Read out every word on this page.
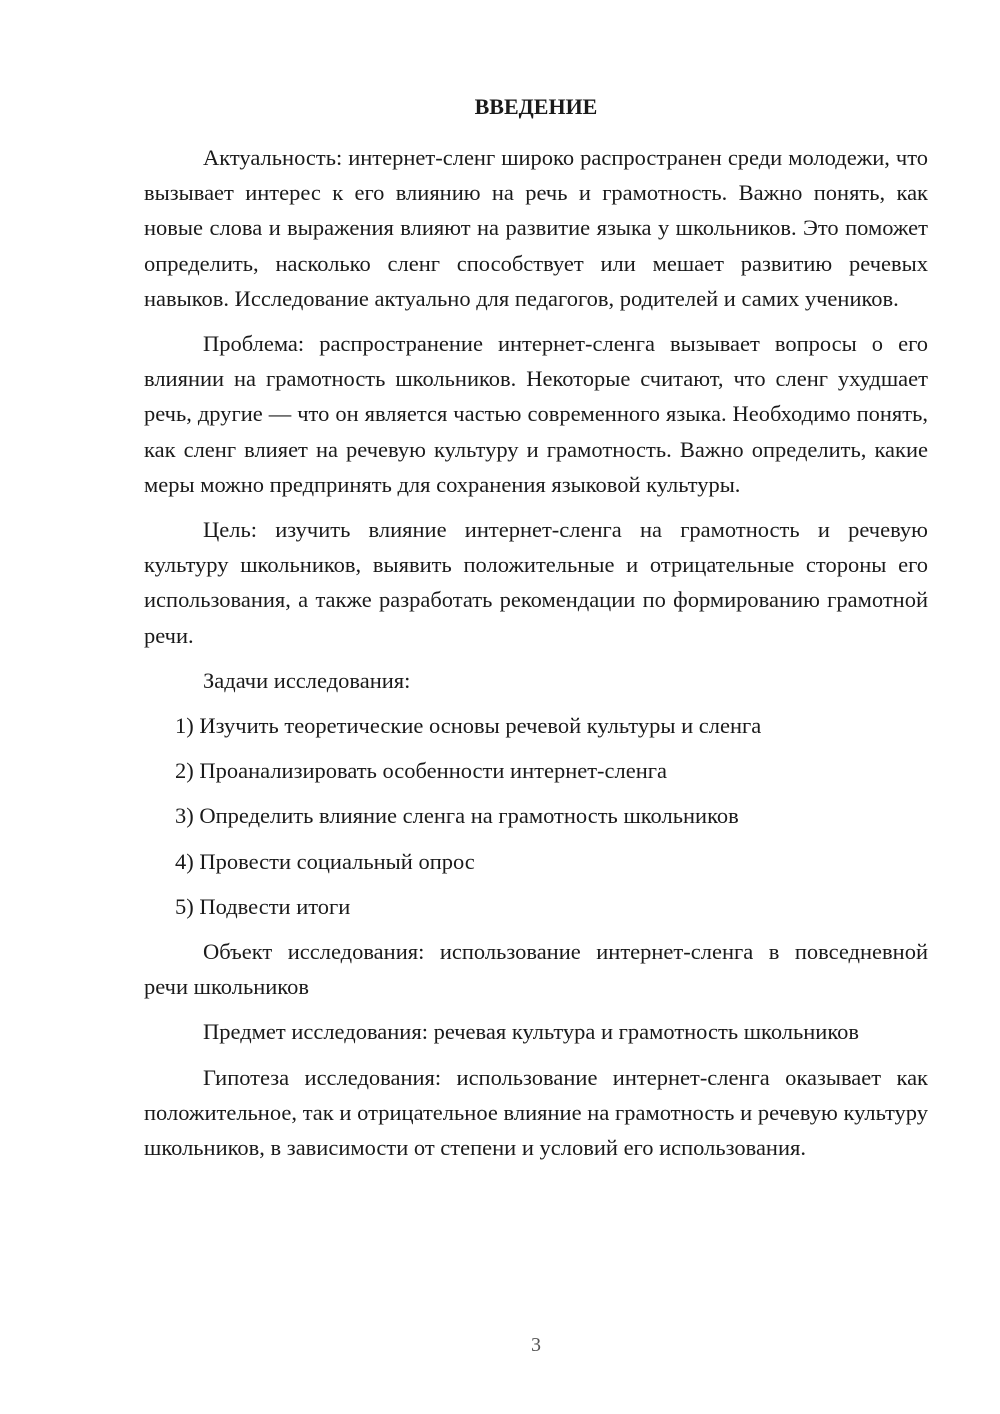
ВВЕДЕНИЕ
Актуальность: интернет-сленг широко распространен среди молодежи, что вызывает интерес к его влиянию на речь и грамотность. Важно понять, как новые слова и выражения влияют на развитие языка у школьников. Это поможет определить, насколько сленг способствует или мешает развитию речевых навыков. Исследование актуально для педагогов, родителей и самих учеников.
Проблема: распространение интернет-сленга вызывает вопросы о его влиянии на грамотность школьников. Некоторые считают, что сленг ухудшает речь, другие — что он является частью современного языка. Необходимо понять, как сленг влияет на речевую культуру и грамотность. Важно определить, какие меры можно предпринять для сохранения языковой культуры.
Цель: изучить влияние интернет-сленга на грамотность и речевую культуру школьников, выявить положительные и отрицательные стороны его использования, а также разработать рекомендации по формированию грамотной речи.
Задачи исследования:
1) Изучить теоретические основы речевой культуры и сленга
2) Проанализировать особенности интернет-сленга
3) Определить влияние сленга на грамотность школьников
4) Провести социальный опрос
5) Подвести итоги
Объект исследования: использование интернет-сленга в повседневной речи школьников
Предмет исследования: речевая культура и грамотность школьников
Гипотеза исследования: использование интернет-сленга оказывает как положительное, так и отрицательное влияние на грамотность и речевую культуру школьников, в зависимости от степени и условий его использования.
3
